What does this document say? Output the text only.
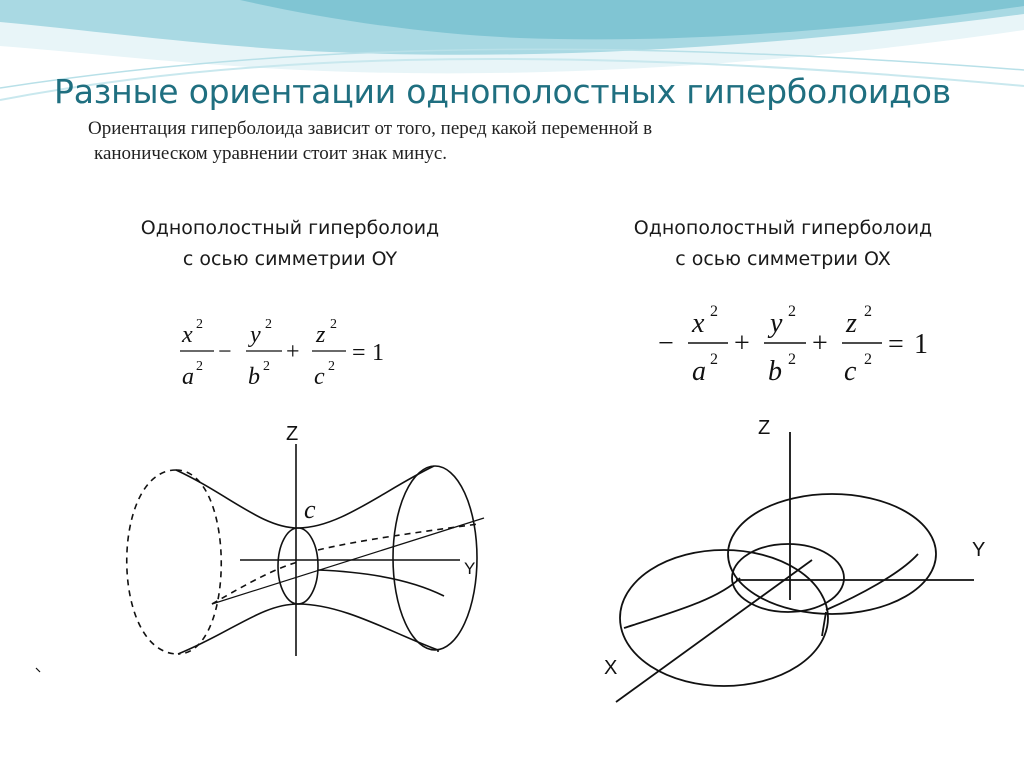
Разные ориентации однополостных гиперболоидов
Ориентация гиперболоида зависит от того, перед какой переменной в
каноническом уравнении стоит знак минус.
Однополостный гиперболоид
с осью симметрии OY
Однополостный гиперболоид
с осью симметрии OX
x 2
a 2
−
y 2
b 2
+
z 2
c 2
= 1	−
x 2
a 2
+
y 2
b 2
+
z 2
c 2 = 1
Z
Y
c
Z
Y
X
